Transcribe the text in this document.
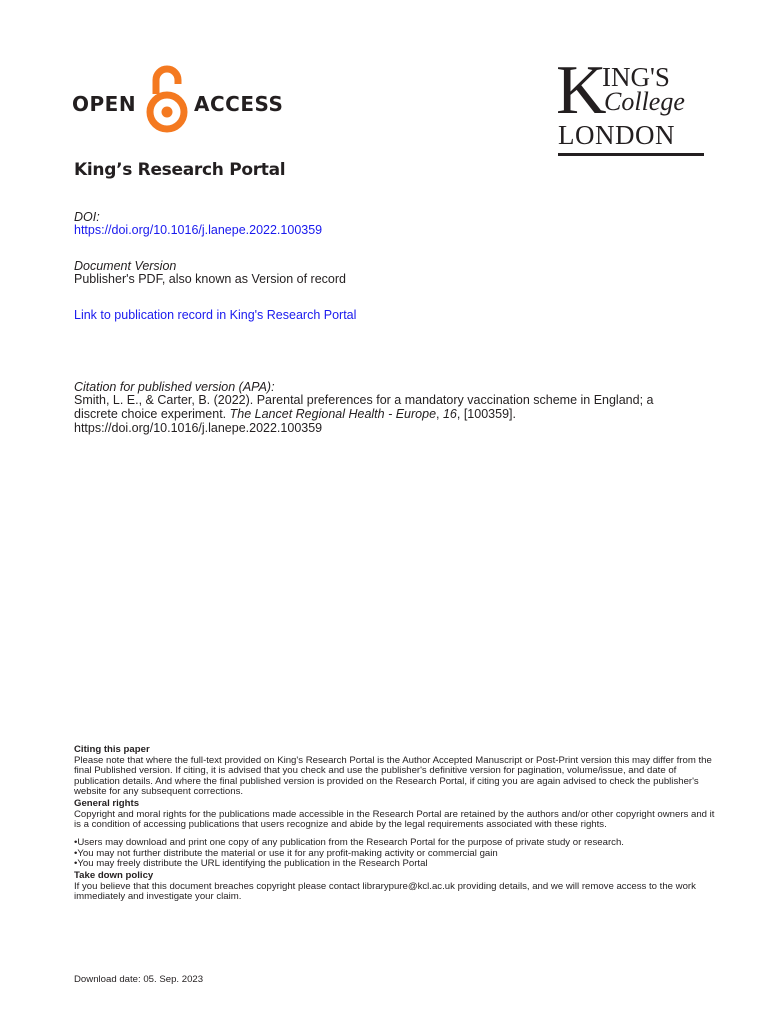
OPEN	ACCESS	K
ING'S
College
LONDON
King’s Research Portal
DOI:
https://doi.org/10.1016/j.lanepe.2022.100359
Document Version
Publisher's PDF, also known as Version of record
Link to publication record in King's Research Portal
Citation for published version (APA):
Smith, L. E., & Carter, B. (2022). Parental preferences for a mandatory vaccination scheme in England; a discrete choice experiment. The Lancet Regional Health - Europe, 16, [100359]. https://doi.org/10.1016/j.lanepe.2022.100359
Citing this paper
Please note that where the full-text provided on King's Research Portal is the Author Accepted Manuscript or Post-Print version this may differ from the final Published version. If citing, it is advised that you check and use the publisher's definitive version for pagination, volume/issue, and date of publication details. And where the final published version is provided on the Research Portal, if citing you are again advised to check the publisher's website for any subsequent corrections.
General rights
Copyright and moral rights for the publications made accessible in the Research Portal are retained by the authors and/or other copyright owners and it is a condition of accessing publications that users recognize and abide by the legal requirements associated with these rights.
•Users may download and print one copy of any publication from the Research Portal for the purpose of private study or research.
•You may not further distribute the material or use it for any profit-making activity or commercial gain
•You may freely distribute the URL identifying the publication in the Research Portal
Take down policy
If you believe that this document breaches copyright please contact librarypure@kcl.ac.uk providing details, and we will remove access to the work immediately and investigate your claim.
Download date: 05. Sep. 2023
